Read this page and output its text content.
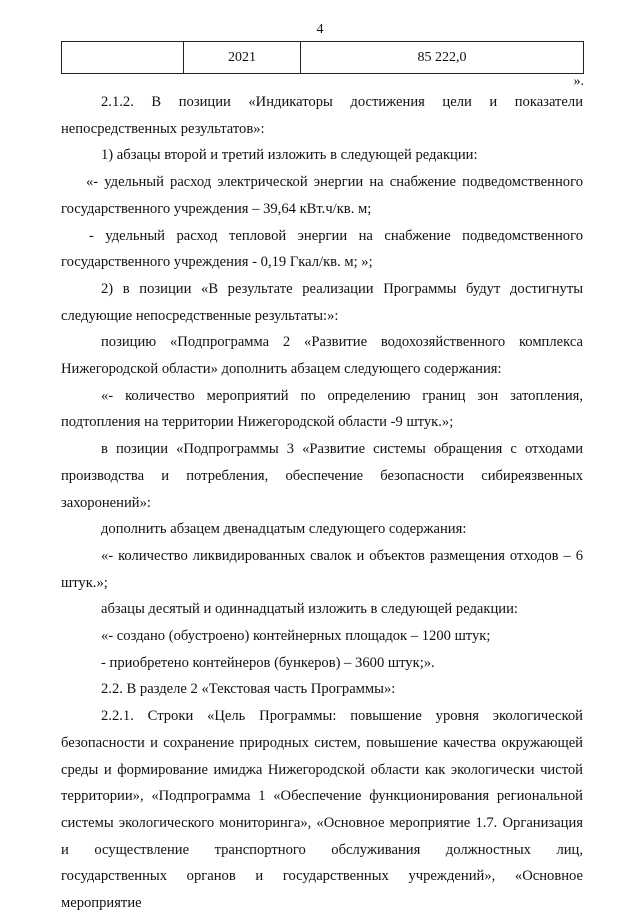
4
	2021	85 222,0
».

2.1.2. В позиции «Индикаторы достижения цели и показатели непосредственных результатов»:

1) абзацы второй и третий изложить в следующей редакции:

«- удельный расход электрической энергии на снабжение подведомственного государственного учреждения – 39,64 кВт.ч/кв. м;

- удельный расход тепловой энергии на снабжение подведомственного государственного учреждения - 0,19 Гкал/кв. м; »;

2) в позиции «В результате реализации Программы будут достигнуты следующие непосредственные результаты:»:

позицию «Подпрограмма 2 «Развитие водохозяйственного комплекса Нижегородской области» дополнить абзацем следующего содержания:

«- количество мероприятий по определению границ зон затопления, подтопления на территории Нижегородской области -9 штук.»;

в позиции «Подпрограммы 3 «Развитие системы обращения с отходами производства и потребления, обеспечение безопасности сибиреязвенных захоронений»:

дополнить абзацем двенадцатым следующего содержания:

«- количество ликвидированных свалок и объектов размещения отходов – 6 штук.»;

абзацы десятый и одиннадцатый изложить в следующей редакции:

«- создано (обустроено) контейнерных площадок – 1200 штук;

- приобретено контейнеров (бункеров) – 3600 штук;».

2.2. В разделе 2 «Текстовая часть Программы»:

2.2.1. Строки «Цель Программы: повышение уровня экологической безопасности и сохранение природных систем, повышение качества окружающей среды и формирование имиджа Нижегородской области как экологически чистой территории», «Подпрограмма 1 «Обеспечение функционирования региональной системы экологического мониторинга», «Основное мероприятие 1.7. Организация и осуществление транспортного обслуживания должностных лиц, государственных органов и государственных учреждений», «Основное мероприятие
